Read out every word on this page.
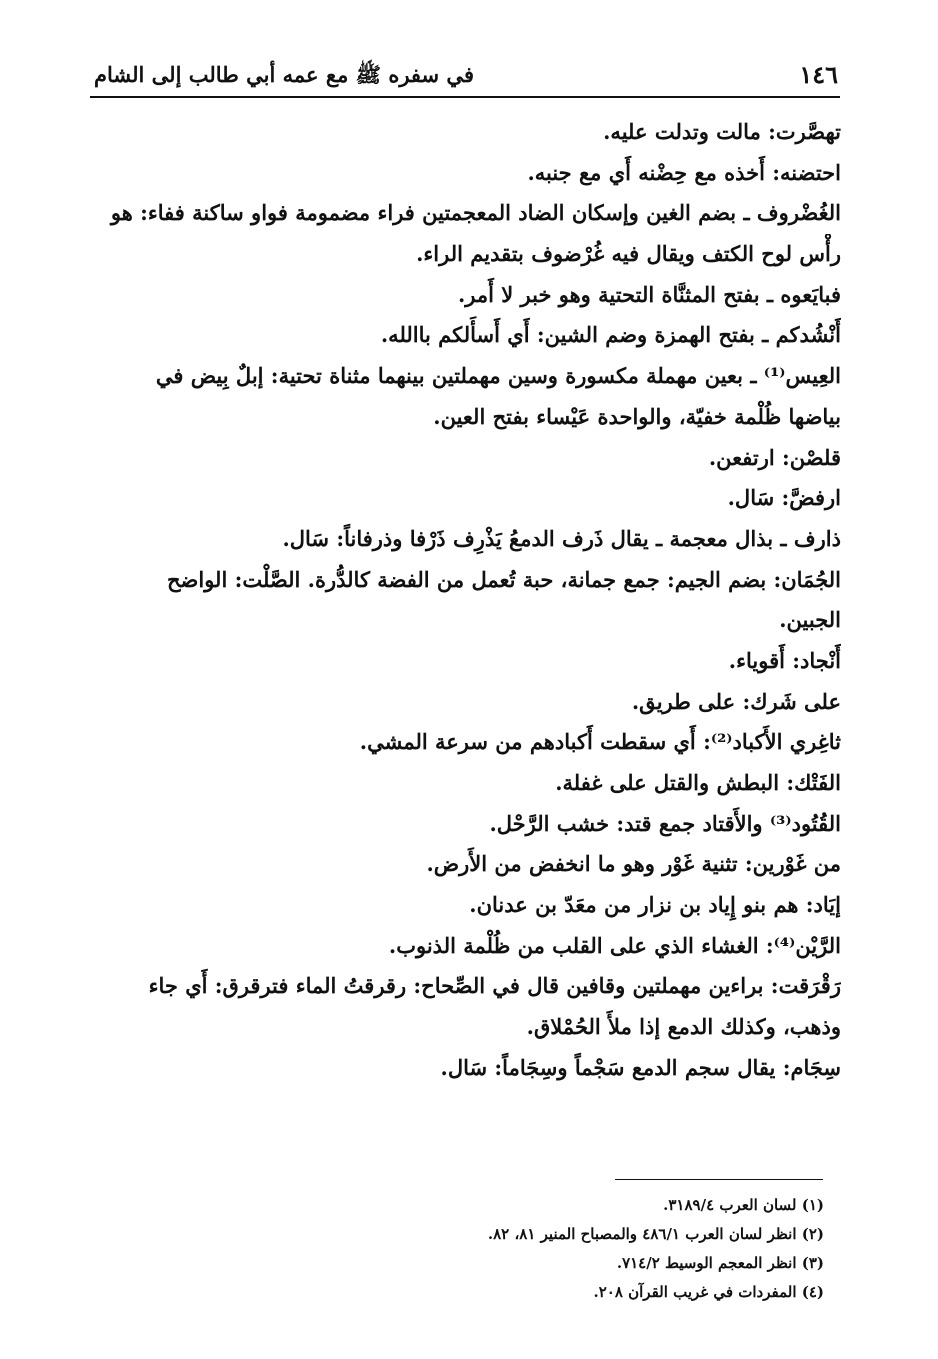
١٤٦
في سفره ﷺ مع عمه أبي طالب إلى الشام
تهصَّرت: مالت وتدلت عليه.
احتضنه: أَخذه مع حِضْنه أَي مع جنبه.
الغُضْروف ـ بضم الغين وإسكان الضاد المعجمتين فراء مضمومة فواو ساكنة ففاء: هو
رأْس لوح الكتف ويقال فيه غُرْضوف بتقديم الراء.
فبايَعوه ـ بفتح المثنَّاة التحتية وهو خبر لا أَمر.
أَنْشُدكم ـ بفتح الهمزة وضم الشين: أَي أَسأَلكم باالله.
العِيس⁽¹⁾ ـ بعين مهملة مكسورة وسين مهملتين بينهما مثناة تحتية: إبلٌ بِيض في
بياضها ظُلْمة خفيّة، والواحدة عَيْساء بفتح العين.
قلصْن: ارتفعن.
ارفضَّ: سَال.
ذارف ـ بذال معجمة ـ يقال ذَرف الدمعُ يَذْرِف ذَرْفا وذرفاناً: سَال.
الجُمَان: بضم الجيم: جمع جمانة، حبة تُعمل من الفضة كالدُّرة. الصَّلْت: الواضح
الجبين.
أَنْجاد: أَقوياء.
على شَرك: على طريق.
ثاغِري الأَكباد⁽²⁾: أَي سقطت أَكبادهم من سرعة المشي.
الفَتْك: البطش والقتل على غفلة.
القُتُود⁽³⁾ والأَقتاد جمع قتد: خشب الرَّحْل.
من غَوْرين: تثنية غَوْر وهو ما انخفض من الأَرض.
إيَاد: هم بنو إِياد بن نزار من معَدّ بن عدنان.
الرَّيْن⁽⁴⁾: الغشاء الذي على القلب من ظُلْمة الذنوب.
رَقْرَقت: براءين مهملتين وقافين قال في الصِّحاح: رقرقتُ الماء فترقرق: أَي جاء
وذهب، وكذلك الدمع إذا ملأَ الحُمْلاق.
سِجَام: يقال سجم الدمع سَجْماً وسِجَاماً: سَال.
(١) لسان العرب ٣١٨٩/٤.
(٢) انظر لسان العرب ٤٨٦/١ والمصباح المنير ٨١، ٨٢.
(٣) انظر المعجم الوسيط ٧١٤/٢.
(٤) المفردات في غريب القرآن ٢٠٨.
